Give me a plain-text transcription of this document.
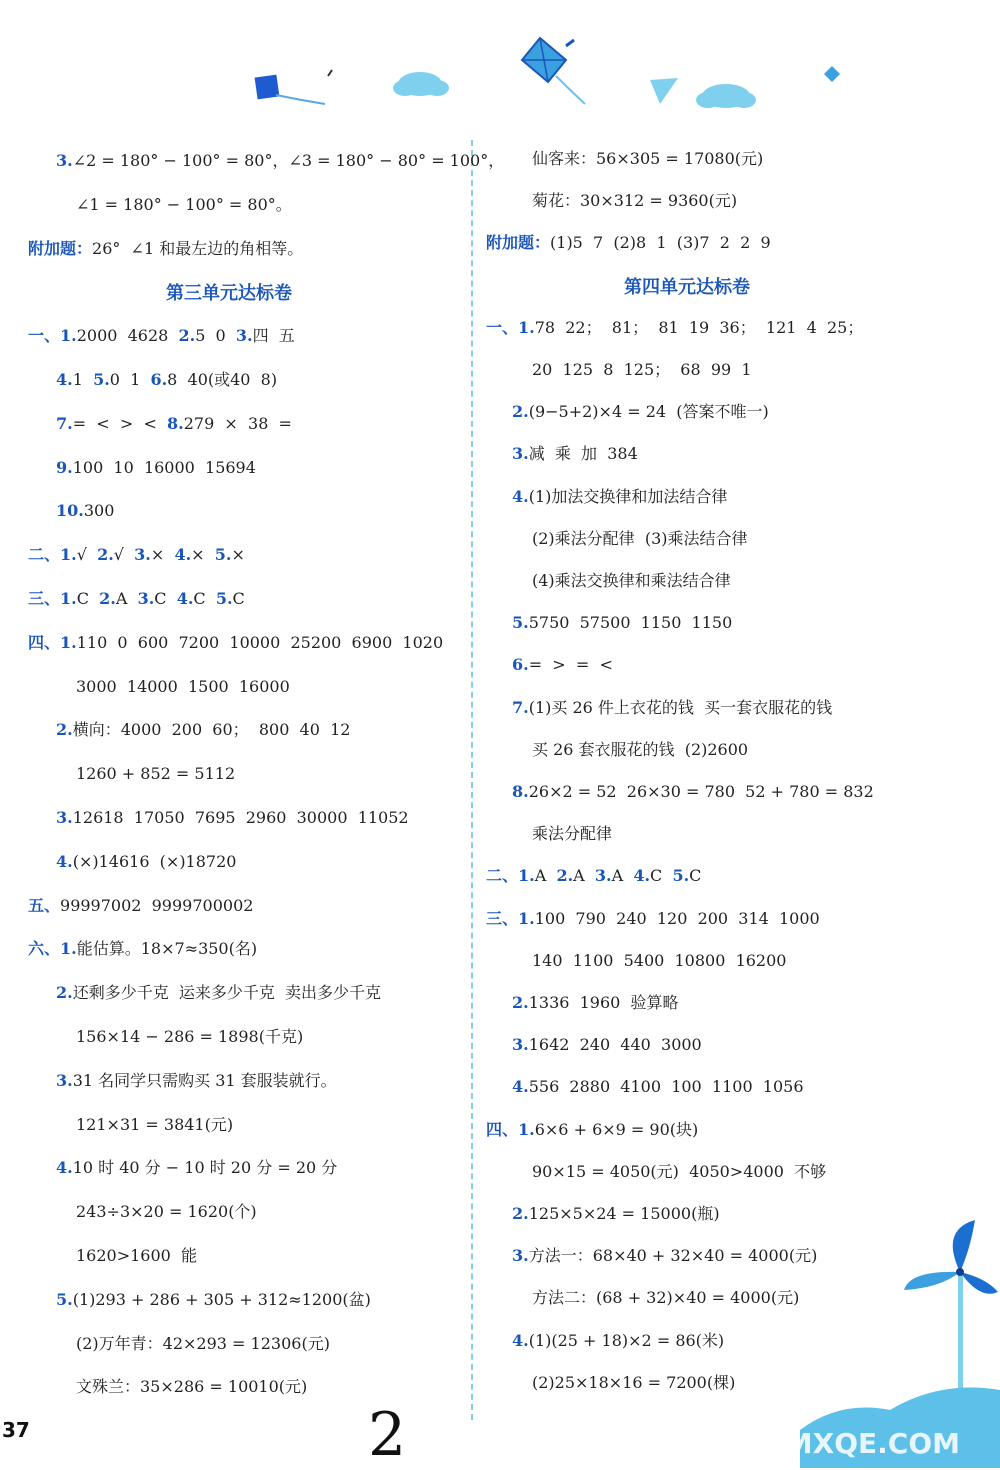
3.∠2 = 180° − 100° = 80°，∠3 = 180° − 80° = 100°，
∠1 = 180° − 100° = 80°。
附加题：26°  ∠1 和最左边的角相等。
第三单元达标卷
一、1.2000  4628  2.5  0  3.四  五
4.1  5.0  1  6.8  40(或40  8)
7.=  <  >  <  8.279  ×  38  =
9.100  10  16000  15694
10.300
二、1.√  2.√  3.×  4.×  5.×
三、1.C  2.A  3.C  4.C  5.C
四、1.110  0  600  7200  10000  25200  6900  1020
3000  14000  1500  16000
2.横向：4000  200  60；  800  40  12
1260 + 852 = 5112
3.12618  17050  7695  2960  30000  11052
4.(×)14616  (×)18720
五、99997002  9999700002
六、1.能估算。18×7≈350(名)
2.还剩多少千克  运来多少千克  卖出多少千克
156×14 − 286 = 1898(千克)
3.31 名同学只需购买 31 套服装就行。
121×31 = 3841(元)
4.10 时 40 分 − 10 时 20 分 = 20 分
243÷3×20 = 1620(个)
1620>1600  能
5.(1)293 + 286 + 305 + 312≈1200(盆)
(2)万年青：42×293 = 12306(元)
文殊兰：35×286 = 10010(元)
仙客来：56×305 = 17080(元)
菊花：30×312 = 9360(元)
附加题：(1)5  7  (2)8  1  (3)7  2  2  9
第四单元达标卷
一、1.78  22；  81；  81  19  36；  121  4  25；
20  125  8  125；  68  99  1
2.(9−5+2)×4 = 24  (答案不唯一)
3.减  乘  加  384
4.(1)加法交换律和加法结合律
(2)乘法分配律  (3)乘法结合律
(4)乘法交换律和乘法结合律
5.5750  57500  1150  1150
6.=  >  =  <
7.(1)买 26 件上衣花的钱  买一套衣服花的钱
买 26 套衣服花的钱  (2)2600
8.26×2 = 52  26×30 = 780  52 + 780 = 832
乘法分配律
二、1.A  2.A  3.A  4.C  5.C
三、1.100  790  240  120  200  314  1000
140  1100  5400  10800  16200
2.1336  1960  验算略
3.1642  240  440  3000
4.556  2880  4100  100  1100  1056
四、1.6×6 + 6×9 = 90(块)
90×15 = 4050(元)  4050>4000  不够
2.125×5×24 = 15000(瓶)
3.方法一：68×40 + 32×40 = 4000(元)
方法二：(68 + 32)×40 = 4000(元)
4.(1)(25 + 18)×2 = 86(米)
(2)25×18×16 = 7200(棵)
37	2	MXQE.COM
